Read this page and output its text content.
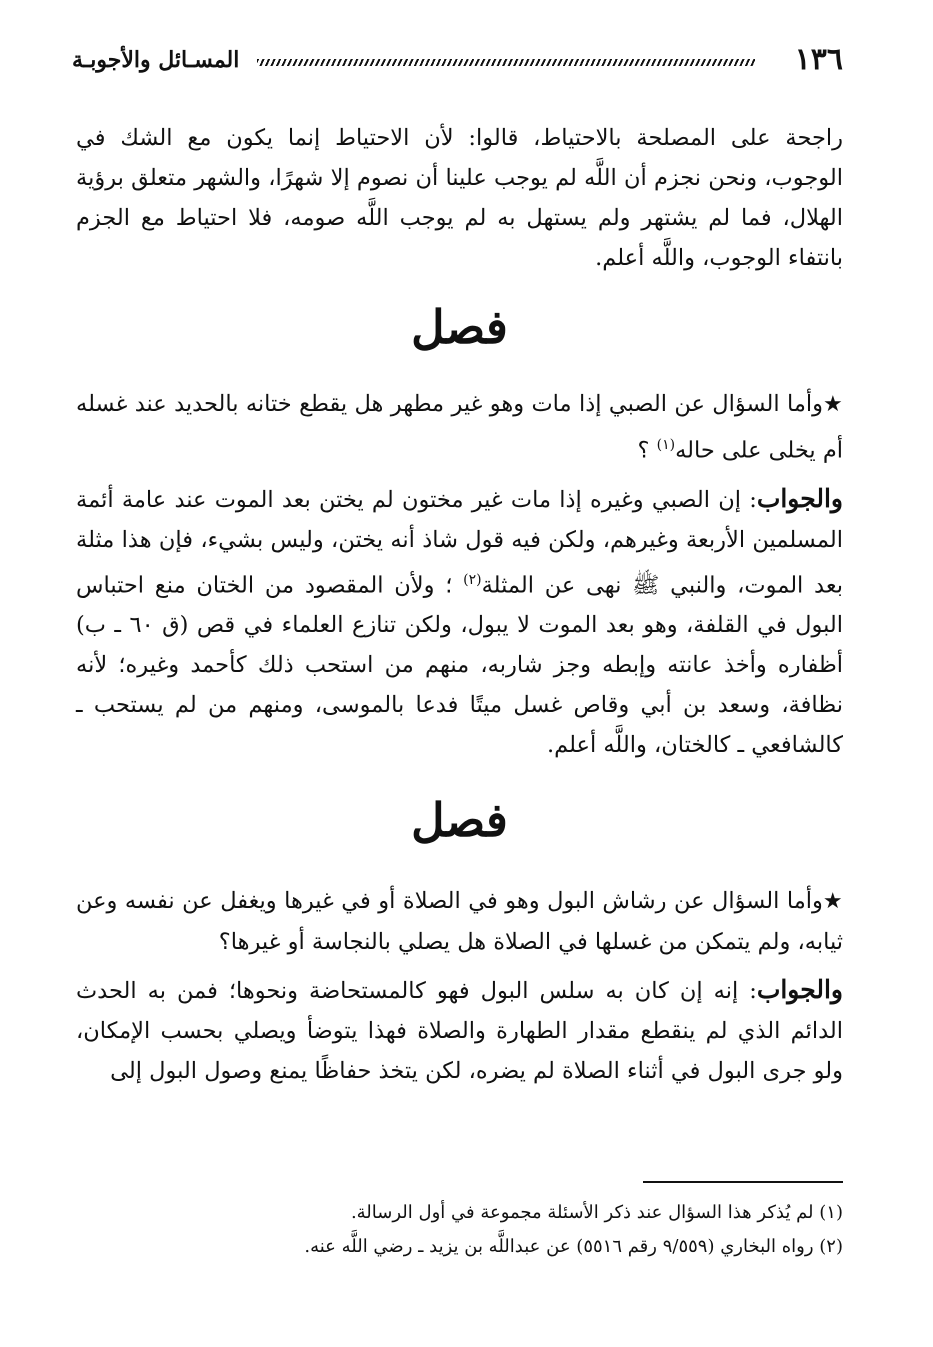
١٣٦
المسـائل والأجوبـة

راجحة على المصلحة بالاحتياط، قالوا: لأن الاحتياط إنما يكون مع الشك في الوجوب، ونحن نجزم أن اللَّه لم يوجب علينا أن نصوم إلا شهرًا، والشهر متعلق برؤية الهلال، فما لم يشتهر ولم يستهل به لم يوجب اللَّه صومه، فلا احتياط مع الجزم بانتفاء الوجوب، واللَّه أعلم.

فصل

★وأما السؤال عن الصبي إذا مات وهو غير مطهر هل يقطع ختانه بالحديد عند غسله أم يخلى على حاله$^{(١)}$ ؟

والجواب: إن الصبي وغيره إذا مات غير مختون لم يختن بعد الموت عند عامة أئمة المسلمين الأربعة وغيرهم، ولكن فيه قول شاذ أنه يختن، وليس بشيء، فإن هذا مثلة بعد الموت، والنبي ﷺ نهى عن المثلة$^{(٢)}$ ؛ ولأن المقصود من الختان منع احتباس البول في القلفة، وهو بعد الموت لا يبول، ولكن تنازع العلماء في قص (ق ٦٠ ـ ب) أظفاره وأخذ عانته وإبطه وجز شاربه، منهم من استحب ذلك كأحمد وغيره؛ لأنه نظافة، وسعد بن أبي وقاص غسل ميتًا فدعا بالموسى، ومنهم من لم يستحب ـ كالشافعي ـ كالختان، واللَّه أعلم.

فصل

★وأما السؤال عن رشاش البول وهو في الصلاة أو في غيرها ويغفل عن نفسه وعن ثيابه، ولم يتمكن من غسلها في الصلاة هل يصلي بالنجاسة أو غيرها؟

والجواب: إنه إن كان به سلس البول فهو كالمستحاضة ونحوها؛ فمن به الحدث الدائم الذي لم ينقطع مقدار الطهارة والصلاة فهذا يتوضأ ويصلي بحسب الإمكان، ولو جرى البول في أثناء الصلاة لم يضره، لكن يتخذ حفاظًا يمنع وصول البول إلى

(١) لم يُذكر هذا السؤال عند ذكر الأسئلة مجموعة في أول الرسالة.
(٢) رواه البخاري (٩/٥٥٩ رقم ٥٥١٦) عن عبداللَّه بن يزيد ـ رضي اللَّه عنه.
